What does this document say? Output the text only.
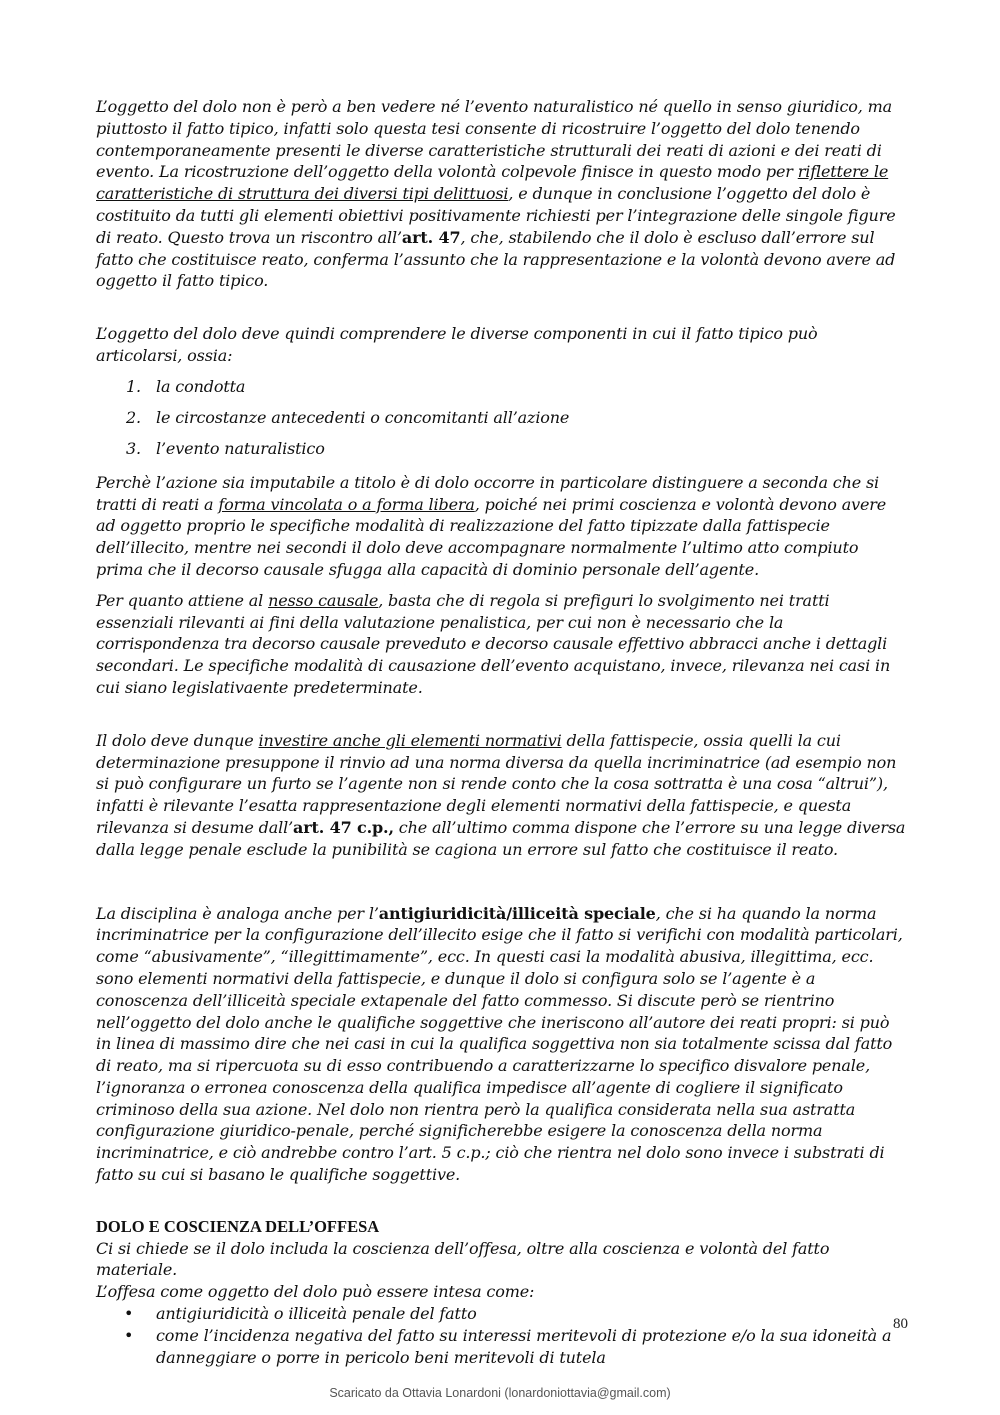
L’oggetto del dolo non è però a ben vedere né l’evento naturalistico né quello in senso giuridico, ma piuttosto il fatto tipico, infatti solo questa tesi consente di ricostruire l’oggetto del dolo tenendo contemporaneamente presenti le diverse caratteristiche strutturali dei reati di azioni e dei reati di evento. La ricostruzione dell’oggetto della volontà colpevole finisce in questo modo per riflettere le caratteristiche di struttura dei diversi tipi delittuosi, e dunque in conclusione l’oggetto del dolo è costituito da tutti gli elementi obiettivi positivamente richiesti per l’integrazione delle singole figure di reato. Questo trova un riscontro all’art. 47, che, stabilendo che il dolo è escluso dall’errore sul fatto che costituisce reato, conferma l’assunto che la rappresentazione e la volontà devono avere ad oggetto il fatto tipico.

L’oggetto del dolo deve quindi comprendere le diverse componenti in cui il fatto tipico può articolarsi, ossia:

1. la condotta
2. le circostanze antecedenti o concomitanti all’azione
3. l’evento naturalistico

Perchè l’azione sia imputabile a titolo è di dolo occorre in particolare distinguere a seconda che si tratti di reati a forma vincolata o a forma libera, poiché nei primi coscienza e volontà devono avere ad oggetto proprio le specifiche modalità di realizzazione del fatto tipizzate dalla fattispecie dell’illecito, mentre nei secondi il dolo deve accompagnare normalmente l’ultimo atto compiuto prima che il decorso causale sfugga alla capacità di dominio personale dell’agente.

Per quanto attiene al nesso causale, basta che di regola si prefiguri lo svolgimento nei tratti essenziali rilevanti ai fini della valutazione penalistica, per cui non è necessario che la corrispondenza tra decorso causale preveduto e decorso causale effettivo abbracci anche i dettagli secondari. Le specifiche modalità di causazione dell’evento acquistano, invece, rilevanza nei casi in cui siano legislativaente predeterminate.

Il dolo deve dunque investire anche gli elementi normativi della fattispecie, ossia quelli la cui determinazione presuppone il rinvio ad una norma diversa da quella incriminatrice (ad esempio non si può configurare un furto se l’agente non si rende conto che la cosa sottratta è una cosa “altrui”), infatti è rilevante l’esatta rappresentazione degli elementi normativi della fattispecie, e questa rilevanza si desume dall’art. 47 c.p., che all’ultimo comma dispone che l’errore su una legge diversa dalla legge penale esclude la punibilità se cagiona un errore sul fatto che costituisce il reato.

La disciplina è analoga anche per l’antigiuridicità/illiceità speciale, che si ha quando la norma incriminatrice per la configurazione dell’illecito esige che il fatto si verifichi con modalità particolari, come “abusivamente”, “illegittimamente”, ecc. In questi casi la modalità abusiva, illegittima, ecc. sono elementi normativi della fattispecie, e dunque il dolo si configura solo se l’agente è a conoscenza dell’illiceità speciale extapenale del fatto commesso. Si discute però se rientrino nell’oggetto del dolo anche le qualifiche soggettive che ineriscono all’autore dei reati propri: si può in linea di massimo dire che nei casi in cui la qualifica soggettiva non sia totalmente scissa dal fatto di reato, ma si ripercuota su di esso contribuendo a caratterizzarne lo specifico disvalore penale, l’ignoranza o erronea conoscenza della qualifica impedisce all’agente di cogliere il significato criminoso della sua azione. Nel dolo non rientra però la qualifica considerata nella sua astratta configurazione giuridico-penale, perché significherebbe esigere la conoscenza della norma incriminatrice, e ciò andrebbe contro l’art. 5 c.p.; ciò che rientra nel dolo sono invece i substrati di fatto su cui si basano le qualifiche soggettive.

DOLO E COSCIENZA DELL’OFFESA
Ci si chiede se il dolo includa la coscienza dell’offesa, oltre alla coscienza e volontà del fatto materiale.
L’offesa come oggetto del dolo può essere intesa come:
• antigiuridicità o illiceità penale del fatto
• come l’incidenza negativa del fatto su interessi meritevoli di protezione e/o la sua idoneità a danneggiare o porre in pericolo beni meritevoli di tutela
80
Scaricato da Ottavia Lonardoni (lonardoniottavia@gmail.com)
